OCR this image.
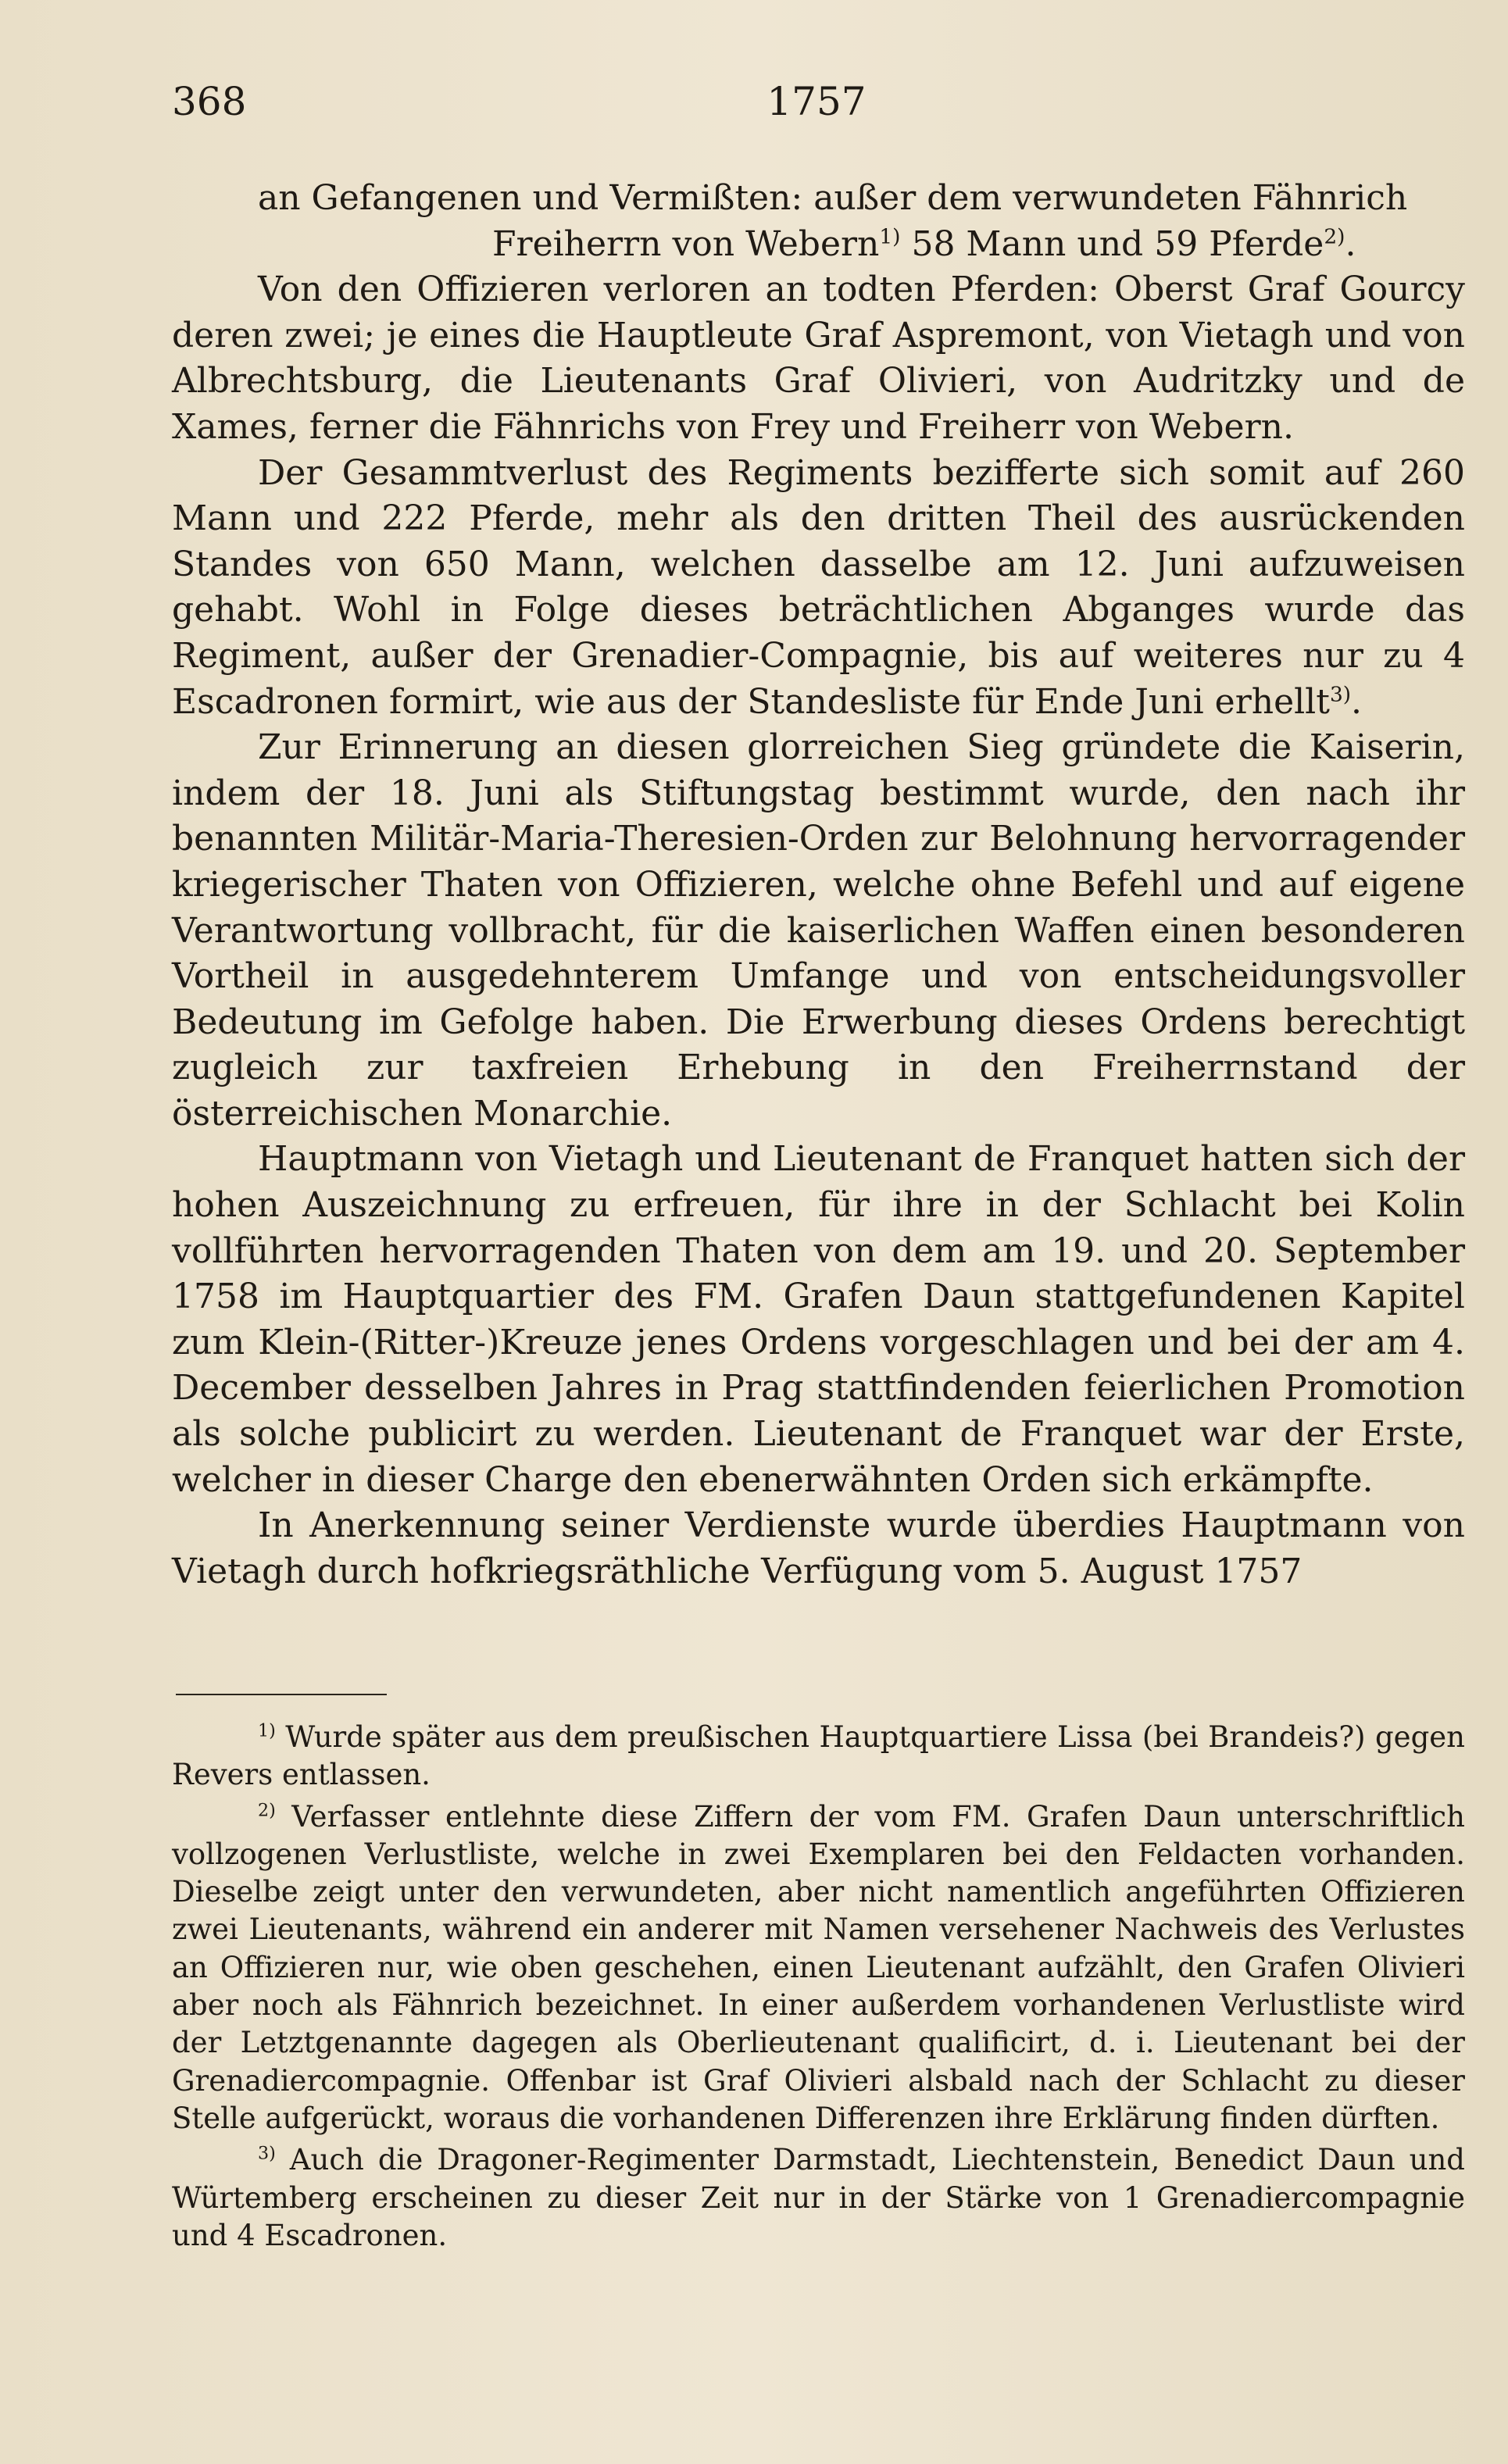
368	1757

an Gefangenen und Vermißten: außer dem verwundeten Fähnrich

Freiherrn von Webern$^{1)}$ 58 Mann und 59 Pferde$^{2)}$.

Von den Offizieren verloren an todten Pferden: Oberst Graf Gourcy deren zwei; je eines die Hauptleute Graf Aspremont, von Vietagh und von Albrechtsburg, die Lieutenants Graf Olivieri, von Audritzky und de Xames, ferner die Fähnrichs von Frey und Freiherr von Webern.

Der Gesammtverlust des Regiments bezifferte sich somit auf 260 Mann und 222 Pferde, mehr als den dritten Theil des ausrückenden Standes von 650 Mann, welchen dasselbe am 12. Juni aufzuweisen gehabt. Wohl in Folge dieses beträchtlichen Abganges wurde das Regiment, außer der Grenadier-Compagnie, bis auf weiteres nur zu 4 Escadronen formirt, wie aus der Standesliste für Ende Juni erhellt$^{3)}$.

Zur Erinnerung an diesen glorreichen Sieg gründete die Kaiserin, indem der 18. Juni als Stiftungstag bestimmt wurde, den nach ihr benannten Militär-Maria-Theresien-Orden zur Belohnung hervorragender kriegerischer Thaten von Offizieren, welche ohne Befehl und auf eigene Verantwortung vollbracht, für die kaiserlichen Waffen einen besonderen Vortheil in ausgedehnterem Umfange und von entscheidungsvoller Bedeutung im Gefolge haben. Die Erwerbung dieses Ordens berechtigt zugleich zur taxfreien Erhebung in den Freiherrnstand der österreichischen Monarchie.

Hauptmann von Vietagh und Lieutenant de Franquet hatten sich der hohen Auszeichnung zu erfreuen, für ihre in der Schlacht bei Kolin vollführten hervorragenden Thaten von dem am 19. und 20. September 1758 im Hauptquartier des FM. Grafen Daun stattgefundenen Kapitel zum Klein-(Ritter-)Kreuze jenes Ordens vorgeschlagen und bei der am 4. December desselben Jahres in Prag stattfindenden feierlichen Promotion als solche publicirt zu werden. Lieutenant de Franquet war der Erste, welcher in dieser Charge den ebenerwähnten Orden sich erkämpfte.

In Anerkennung seiner Verdienste wurde überdies Hauptmann von Vietagh durch hofkriegsräthliche Verfügung vom 5. August 1757

$^{1)}$ Wurde später aus dem preußischen Hauptquartiere Lissa (bei Brandeis?) gegen Revers entlassen.

$^{2)}$ Verfasser entlehnte diese Ziffern der vom FM. Grafen Daun unterschriftlich vollzogenen Verlustliste, welche in zwei Exemplaren bei den Feldacten vorhanden. Dieselbe zeigt unter den verwundeten, aber nicht namentlich angeführten Offizieren zwei Lieutenants, während ein anderer mit Namen versehener Nachweis des Verlustes an Offizieren nur, wie oben geschehen, einen Lieutenant aufzählt, den Grafen Olivieri aber noch als Fähnrich bezeichnet. In einer außerdem vorhandenen Verlustliste wird der Letztgenannte dagegen als Oberlieutenant qualificirt, d. i. Lieutenant bei der Grenadiercompagnie. Offenbar ist Graf Olivieri alsbald nach der Schlacht zu dieser Stelle aufgerückt, woraus die vorhandenen Differenzen ihre Erklärung finden dürften.

$^{3)}$ Auch die Dragoner-Regimenter Darmstadt, Liechtenstein, Benedict Daun und Würtemberg erscheinen zu dieser Zeit nur in der Stärke von 1 Grenadiercompagnie und 4 Escadronen.
